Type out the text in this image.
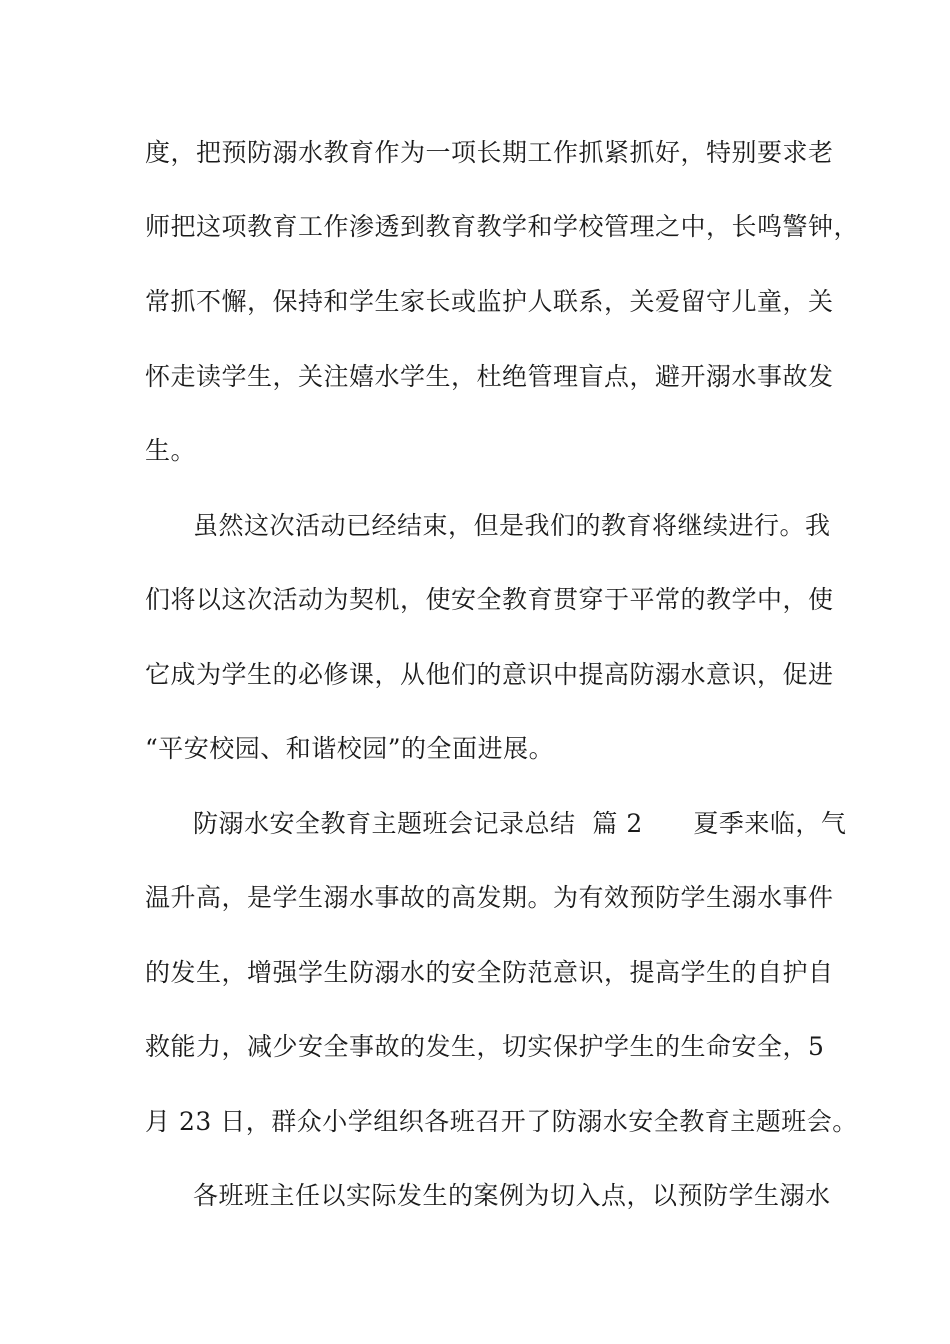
度，把预防溺水教育作为一项长期工作抓紧抓好，特别要求老
师把这项教育工作渗透到教育教学和学校管理之中，长鸣警钟，
常抓不懈，保持和学生家长或监护人联系，关爱留守儿童，关
怀走读学生，关注嬉水学生，杜绝管理盲点，避开溺水事故发
生。
虽然这次活动已经结束，但是我们的教育将继续进行。我
们将以这次活动为契机，使安全教育贯穿于平常的教学中，使
它成为学生的必修课，从他们的意识中提高防溺水意识，促进
“平安校园、和谐校园”的全面进展。
防溺水安全教育主题班会记录总结  篇 2      夏季来临，气
温升高，是学生溺水事故的高发期。为有效预防学生溺水事件
的发生，增强学生防溺水的安全防范意识，提高学生的自护自
救能力，减少安全事故的发生，切实保护学生的生命安全，5
月 23 日，群众小学组织各班召开了防溺水安全教育主题班会。
各班班主任以实际发生的案例为切入点，以预防学生溺水
